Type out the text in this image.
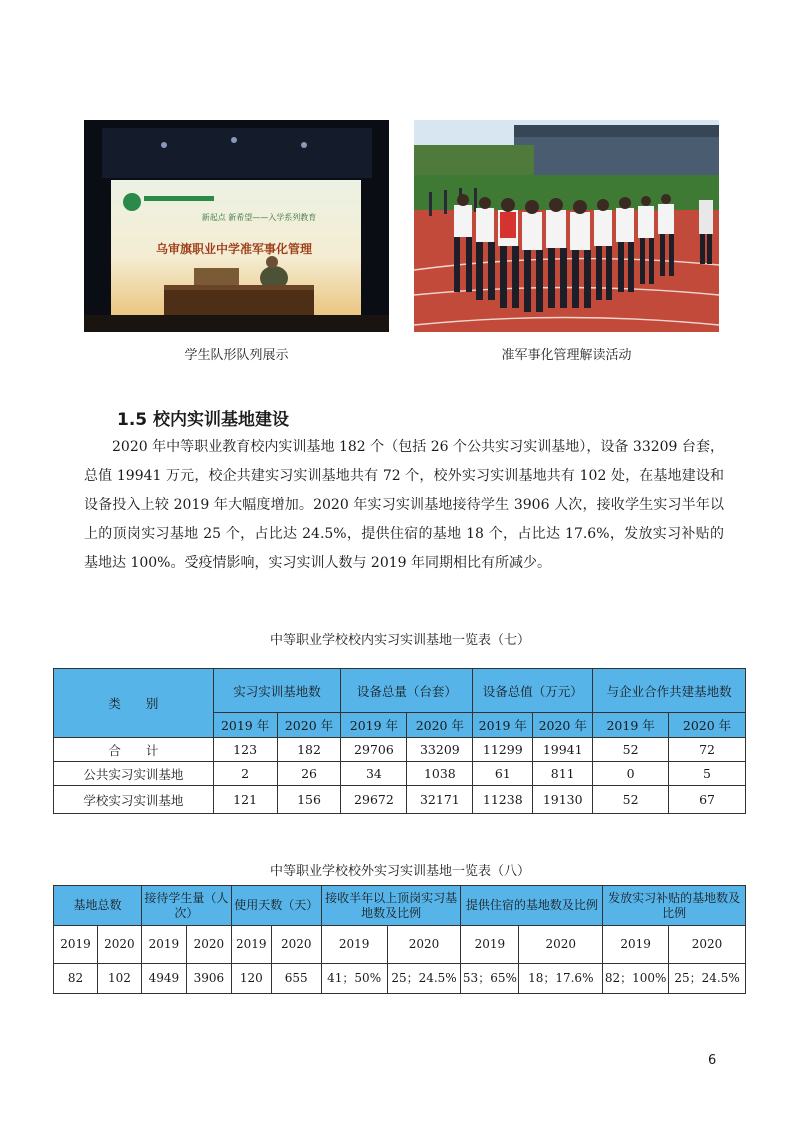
新起点 新希望——入学系列教育
乌审旗职业中学准军事化管理
学生队形队列展示	准军事化管理解读活动
1.5 校内实训基地建设
2020 年中等职业教育校内实训基地 182 个（包括 26 个公共实习实训基地），设备 33209 台套，总值 19941 万元，校企共建实习实训基地共有 72 个，校外实习实训基地共有 102 处，在基地建设和设备投入上较 2019 年大幅度增加。2020 年实习实训基地接待学生 3906 人次，接收学生实习半年以上的顶岗实习基地 25 个，占比达 24.5%，提供住宿的基地 18 个，占比达 17.6%，发放实习补贴的基地达 100%。受疫情影响，实习实训人数与 2019 年同期相比有所减少。
中等职业学校校内实习实训基地一览表（七）
类　　别	实习实训基地数		设备总量（台套）		设备总值（万元）		与企业合作共建基地数	
	2019 年	2020 年	2019 年	2020 年	2019 年	2020 年	2019 年	2020 年
合　　计	123	182	29706	33209	11299	19941	52	72
公共实习实训基地	2	26	34	1038	61	811	0	5
学校实习实训基地	121	156	29672	32171	11238	19130	52	67
中等职业学校校外实习实训基地一览表（八）
基地总数		接待学生量（人次）		使用天数（天）		接收半年以上顶岗实习基地数及比例		提供住宿的基地数及比例		发放实习补贴的基地数及比例	
2019	2020	2019	2020	2019	2020	2019	2020	2019	2020	2019	2020
82	102	4949	3906	120	655	41；50%	25；24.5%	53；65%	18；17.6%	82；100%	25；24.5%
6
